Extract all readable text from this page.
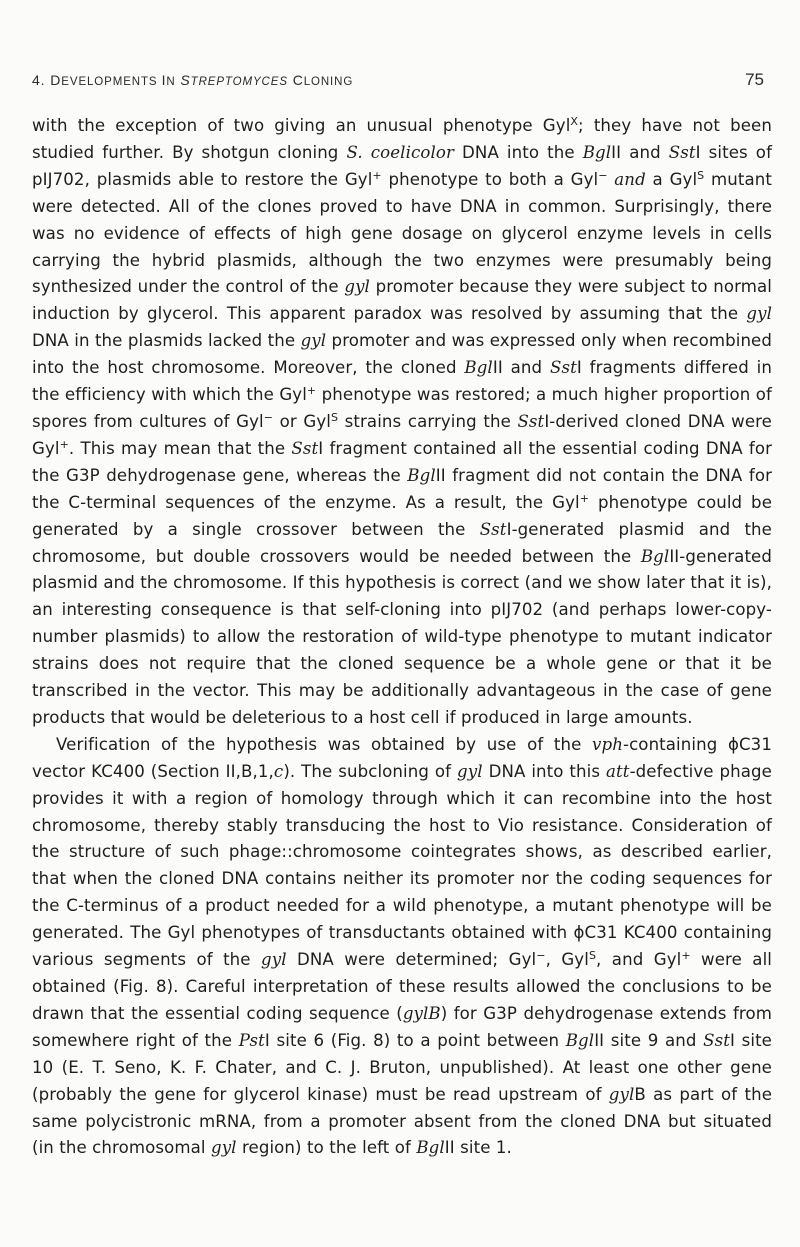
4. DEVELOPMENTS IN STREPTOMYCES CLONING	75

with the exception of two giving an unusual phenotype Gyl$^X$; they have not been studied further. By shotgun cloning S. coelicolor DNA into the BglII and SstI sites of pIJ702, plasmids able to restore the Gyl+ phenotype to both a Gyl− and a Gyl$^S$ mutant were detected. All of the clones proved to have DNA in common. Surprisingly, there was no evidence of effects of high gene dosage on glycerol enzyme levels in cells carrying the hybrid plasmids, although the two enzymes were presumably being synthesized under the control of the gyl promoter because they were subject to normal induction by glycerol. This apparent paradox was resolved by assuming that the gyl DNA in the plasmids lacked the gyl promoter and was expressed only when recombined into the host chromosome. Moreover, the cloned BglII and SstI fragments differed in the efficiency with which the Gyl+ phenotype was restored; a much higher proportion of spores from cultures of Gyl− or Gyl$^S$ strains carrying the SstI-derived cloned DNA were Gyl+. This may mean that the SstI fragment contained all the essential coding DNA for the G3P dehydrogenase gene, whereas the BglII fragment did not contain the DNA for the C-terminal sequences of the enzyme. As a result, the Gyl+ phenotype could be generated by a single crossover between the SstI-generated plasmid and the chromosome, but double crossovers would be needed between the BglII-generated plasmid and the chromosome. If this hypothesis is correct (and we show later that it is), an interesting consequence is that self-cloning into pIJ702 (and perhaps lower-copy-number plasmids) to allow the restoration of wild-type phenotype to mutant indicator strains does not require that the cloned sequence be a whole gene or that it be transcribed in the vector. This may be additionally advantageous in the case of gene products that would be deleterious to a host cell if produced in large amounts.

Verification of the hypothesis was obtained by use of the vph-containing ϕC31 vector KC400 (Section II,B,1,c). The subcloning of gyl DNA into this att-defective phage provides it with a region of homology through which it can recombine into the host chromosome, thereby stably transducing the host to Vio resistance. Consideration of the structure of such phage::chromosome cointegrates shows, as described earlier, that when the cloned DNA contains neither its promoter nor the coding sequences for the C-terminus of a product needed for a wild phenotype, a mutant phenotype will be generated. The Gyl phenotypes of transductants obtained with ϕC31 KC400 containing various segments of the gyl DNA were determined; Gyl−, Gyl$^S$, and Gyl+ were all obtained (Fig. 8). Careful interpretation of these results allowed the conclusions to be drawn that the essential coding sequence (gylB) for G3P dehydrogenase extends from somewhere right of the PstI site 6 (Fig. 8) to a point between BglII site 9 and SstI site 10 (E. T. Seno, K. F. Chater, and C. J. Bruton, unpublished). At least one other gene (probably the gene for glycerol kinase) must be read upstream of gylB as part of the same polycistronic mRNA, from a promoter absent from the cloned DNA but situated (in the chromosomal gyl region) to the left of BglII site 1.
